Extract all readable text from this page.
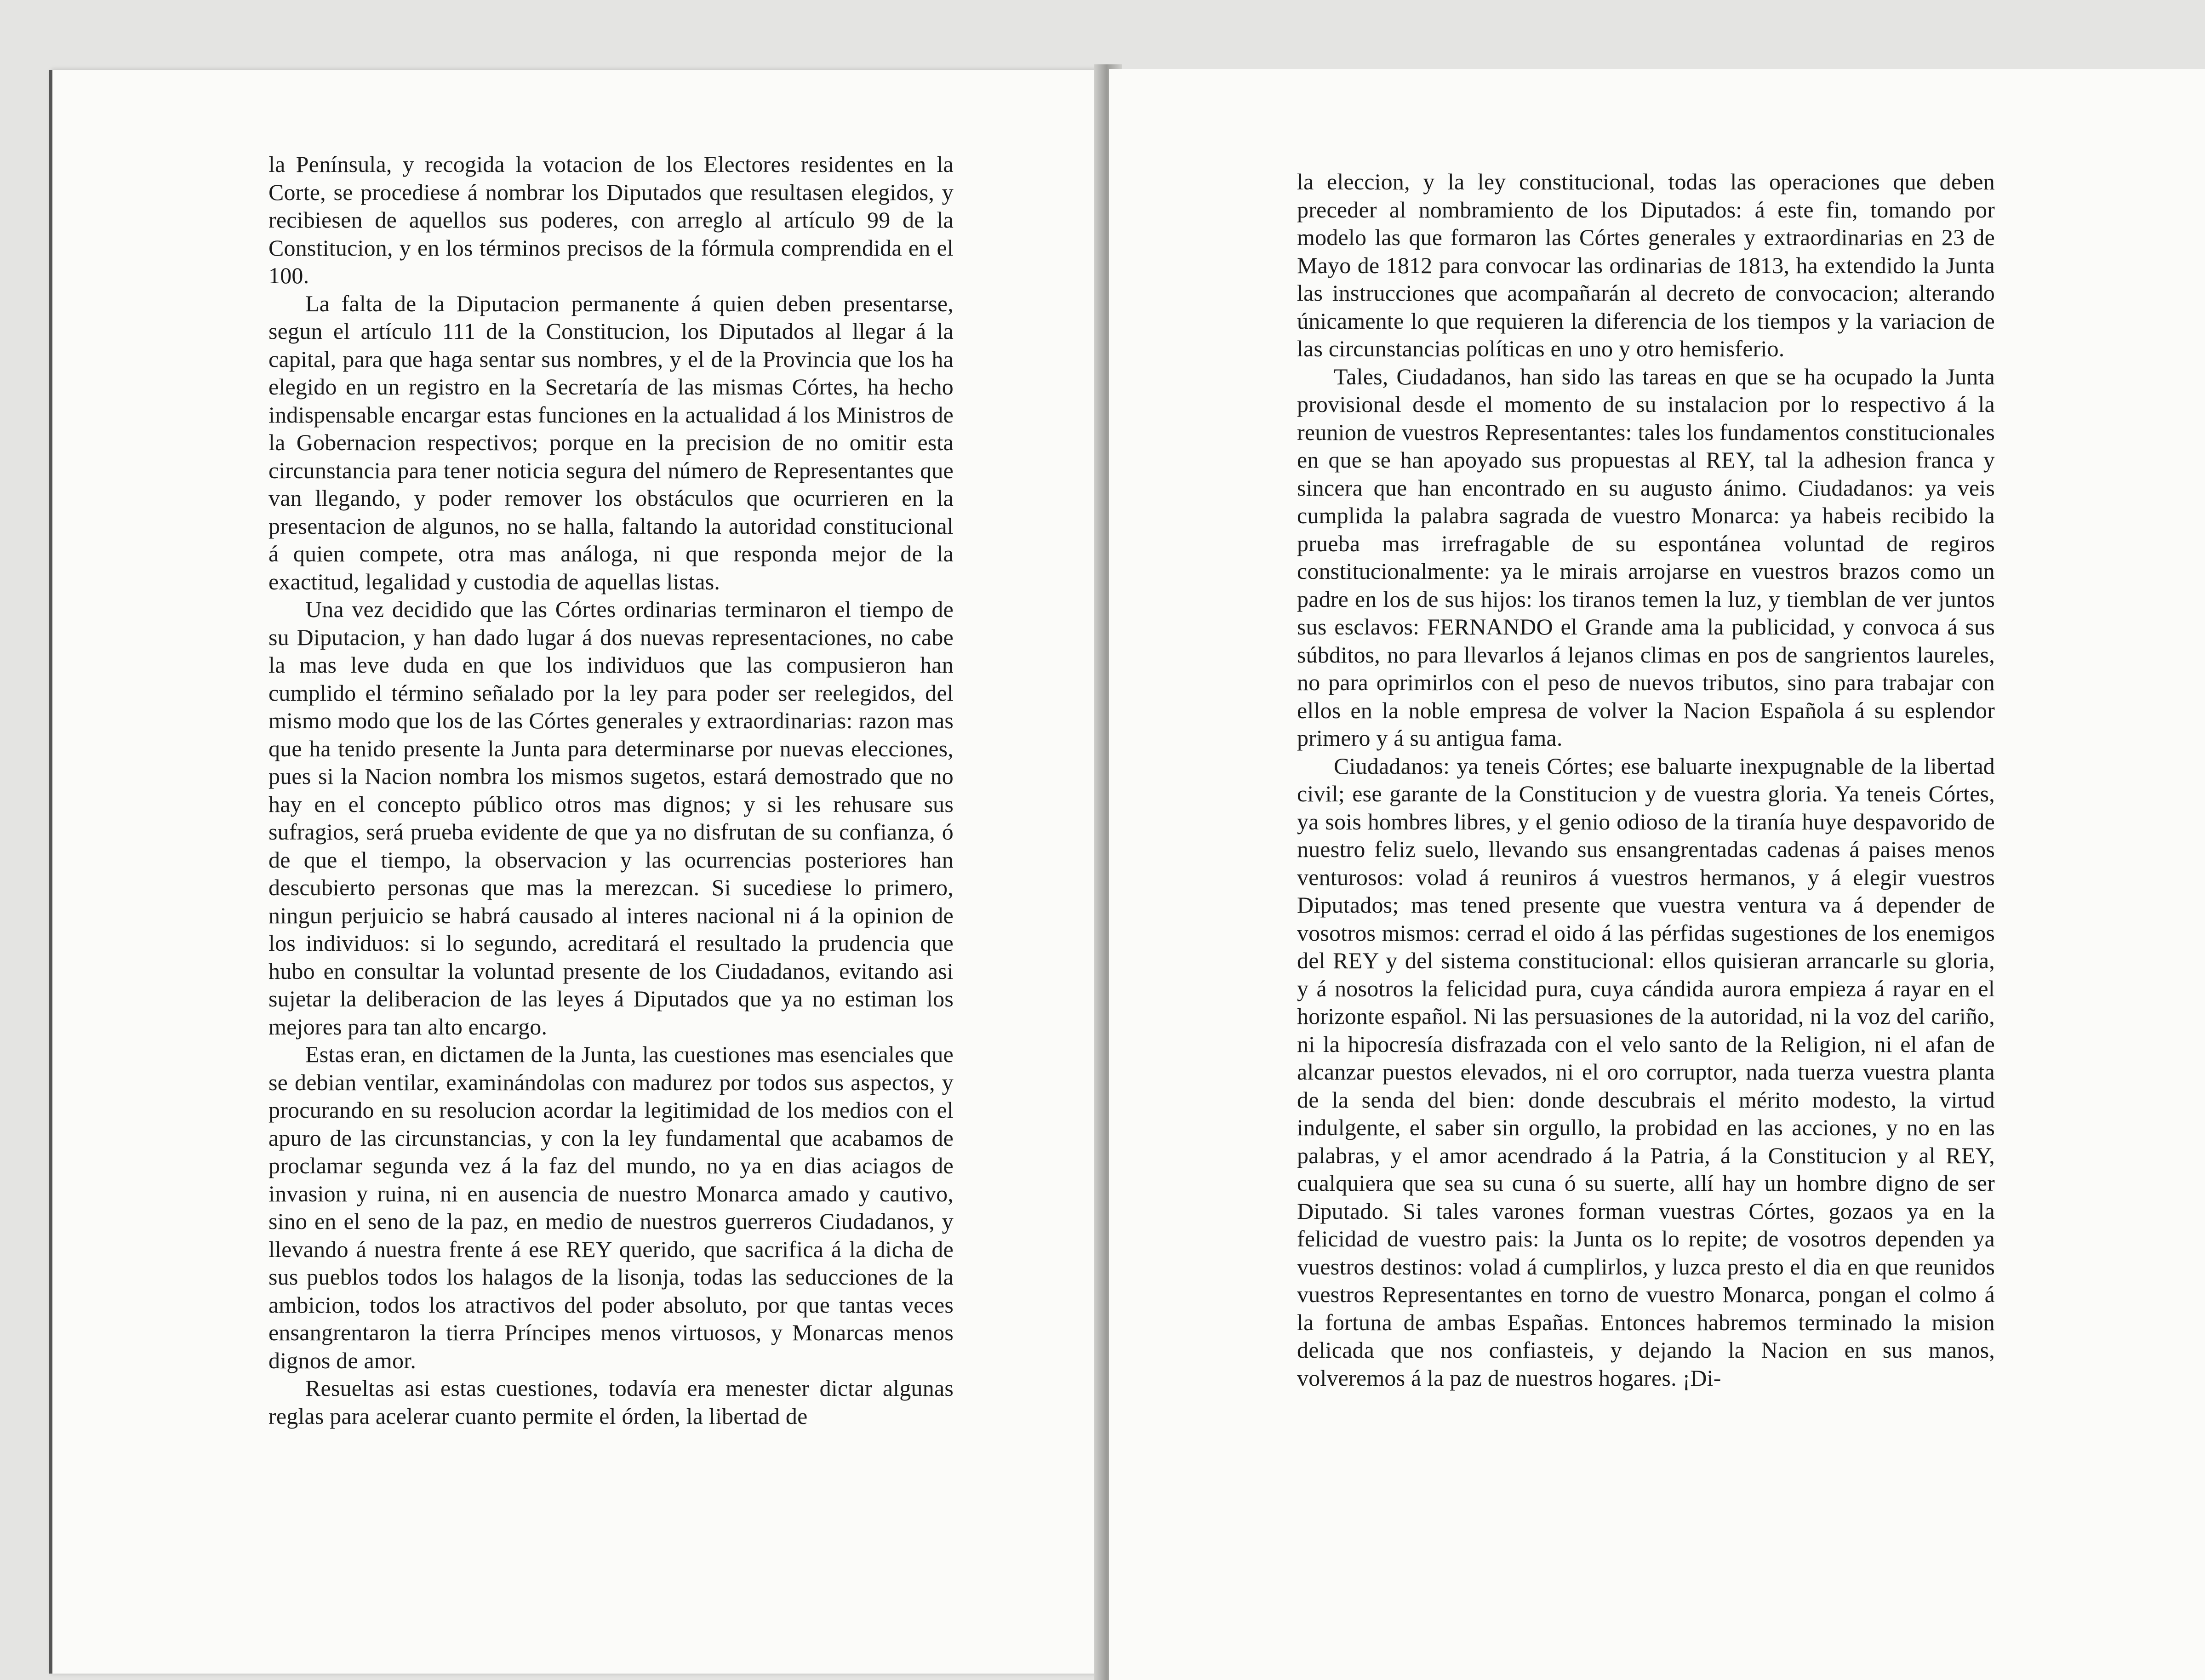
la Península, y recogida la votacion de los Electores residentes en la Corte, se procediese á nombrar los Diputados que resultasen elegidos, y recibiesen de aquellos sus poderes, con arreglo al artículo 99 de la Constitucion, y en los términos precisos de la fórmula comprendida en el 100.

La falta de la Diputacion permanente á quien deben presentarse, segun el artículo 111 de la Constitucion, los Diputados al llegar á la capital, para que haga sentar sus nombres, y el de la Provincia que los ha elegido en un registro en la Secretaría de las mismas Córtes, ha hecho indispensable encargar estas funciones en la actualidad á los Ministros de la Gobernacion respectivos; porque en la precision de no omitir esta circunstancia para tener noticia segura del número de Representantes que van llegando, y poder remover los obstáculos que ocurrieren en la presentacion de algunos, no se halla, faltando la autoridad constitucional á quien compete, otra mas análoga, ni que responda mejor de la exactitud, legalidad y custodia de aquellas listas.

Una vez decidido que las Córtes ordinarias terminaron el tiempo de su Diputacion, y han dado lugar á dos nuevas representaciones, no cabe la mas leve duda en que los individuos que las compusieron han cumplido el término señalado por la ley para poder ser reelegidos, del mismo modo que los de las Córtes generales y extraordinarias: razon mas que ha tenido presente la Junta para determinarse por nuevas elecciones, pues si la Nacion nombra los mismos sugetos, estará demostrado que no hay en el concepto público otros mas dignos; y si les rehusare sus sufragios, será prueba evidente de que ya no disfrutan de su confianza, ó de que el tiempo, la observacion y las ocurrencias posteriores han descubierto personas que mas la merezcan. Si sucediese lo primero, ningun perjuicio se habrá causado al interes nacional ni á la opinion de los individuos: si lo segundo, acreditará el resultado la prudencia que hubo en consultar la voluntad presente de los Ciudadanos, evitando asi sujetar la deliberacion de las leyes á Diputados que ya no estiman los mejores para tan alto encargo.

Estas eran, en dictamen de la Junta, las cuestiones mas esenciales que se debian ventilar, examinándolas con madurez por todos sus aspectos, y procurando en su resolucion acordar la legitimidad de los medios con el apuro de las circunstancias, y con la ley fundamental que acabamos de proclamar segunda vez á la faz del mundo, no ya en dias aciagos de invasion y ruina, ni en ausencia de nuestro Monarca amado y cautivo, sino en el seno de la paz, en medio de nuestros guerreros Ciudadanos, y llevando á nuestra frente á ese REY querido, que sacrifica á la dicha de sus pueblos todos los halagos de la lisonja, todas las seducciones de la ambicion, todos los atractivos del poder absoluto, por que tantas veces ensangrentaron la tierra Príncipes menos virtuosos, y Monarcas menos dignos de amor.

Resueltas asi estas cuestiones, todavía era menester dictar algunas reglas para acelerar cuanto permite el órden, la libertad de

la eleccion, y la ley constitucional, todas las operaciones que deben preceder al nombramiento de los Diputados: á este fin, tomando por modelo las que formaron las Córtes generales y extraordinarias en 23 de Mayo de 1812 para convocar las ordinarias de 1813, ha extendido la Junta las instrucciones que acompañarán al decreto de convocacion; alterando únicamente lo que requieren la diferencia de los tiempos y la variacion de las circunstancias políticas en uno y otro hemisferio.

Tales, Ciudadanos, han sido las tareas en que se ha ocupado la Junta provisional desde el momento de su instalacion por lo respectivo á la reunion de vuestros Representantes: tales los fundamentos constitucionales en que se han apoyado sus propuestas al REY, tal la adhesion franca y sincera que han encontrado en su augusto ánimo. Ciudadanos: ya veis cumplida la palabra sagrada de vuestro Monarca: ya habeis recibido la prueba mas irrefragable de su espontánea voluntad de regiros constitucionalmente: ya le mirais arrojarse en vuestros brazos como un padre en los de sus hijos: los tiranos temen la luz, y tiemblan de ver juntos sus esclavos: FERNANDO el Grande ama la publicidad, y convoca á sus súbditos, no para llevarlos á lejanos climas en pos de sangrientos laureles, no para oprimirlos con el peso de nuevos tributos, sino para trabajar con ellos en la noble empresa de volver la Nacion Española á su esplendor primero y á su antigua fama.

Ciudadanos: ya teneis Córtes; ese baluarte inexpugnable de la libertad civil; ese garante de la Constitucion y de vuestra gloria. Ya teneis Córtes, ya sois hombres libres, y el genio odioso de la tiranía huye despavorido de nuestro feliz suelo, llevando sus ensangrentadas cadenas á paises menos venturosos: volad á reuniros á vuestros hermanos, y á elegir vuestros Diputados; mas tened presente que vuestra ventura va á depender de vosotros mismos: cerrad el oido á las pérfidas sugestiones de los enemigos del REY y del sistema constitucional: ellos quisieran arrancarle su gloria, y á nosotros la felicidad pura, cuya cándida aurora empieza á rayar en el horizonte español. Ni las persuasiones de la autoridad, ni la voz del cariño, ni la hipocresía disfrazada con el velo santo de la Religion, ni el afan de alcanzar puestos elevados, ni el oro corruptor, nada tuerza vuestra planta de la senda del bien: donde descubrais el mérito modesto, la virtud indulgente, el saber sin orgullo, la probidad en las acciones, y no en las palabras, y el amor acendrado á la Patria, á la Constitucion y al REY, cualquiera que sea su cuna ó su suerte, allí hay un hombre digno de ser Diputado. Si tales varones forman vuestras Córtes, gozaos ya en la felicidad de vuestro pais: la Junta os lo repite; de vosotros dependen ya vuestros destinos: volad á cumplirlos, y luzca presto el dia en que reunidos vuestros Representantes en torno de vuestro Monarca, pongan el colmo á la fortuna de ambas Españas. Entonces habremos terminado la mision delicada que nos confiasteis, y dejando la Nacion en sus manos, volveremos á la paz de nuestros hogares. ¡Di-
